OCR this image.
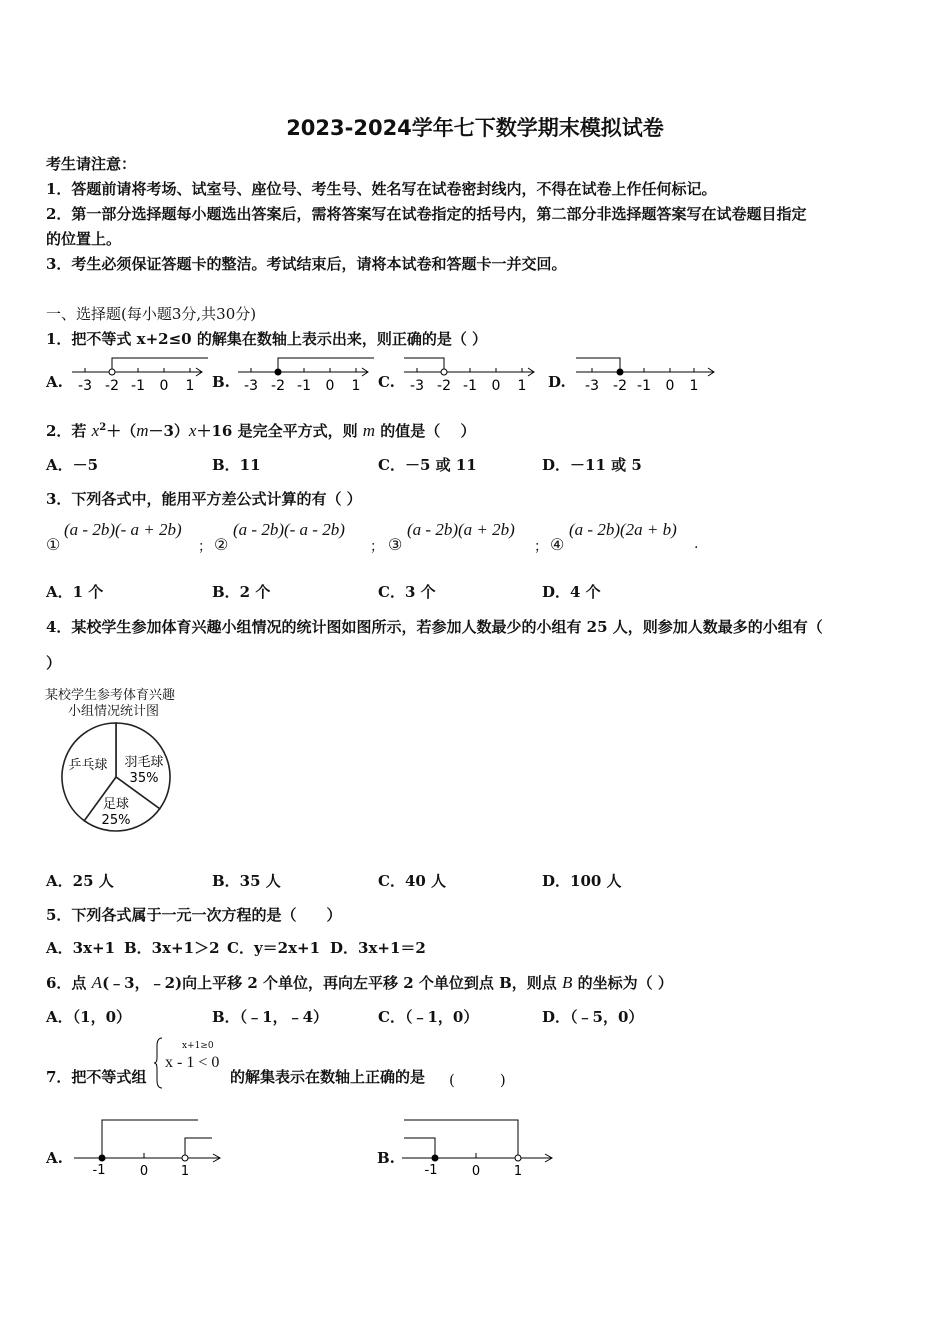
2023-2024学年七下数学期末模拟试卷
考生请注意：
1．答题前请将考场、试室号、座位号、考生号、姓名写在试卷密封线内，不得在试卷上作任何标记。
2．第一部分选择题每小题选出答案后，需将答案写在试卷指定的括号内，第二部分非选择题答案写在试卷题目指定
的位置上。
3．考生必须保证答题卡的整洁。考试结束后，请将本试卷和答题卡一并交回。
一、选择题(每小题3分,共30分)
1．把不等式 x+2≤0 的解集在数轴上表示出来，则正确的是（ ）
A. -3 -2 -1 0 1 B. -3 -2 -1 0 1 C. -3 -2 -1 0 1 D. -3 -2 -1 0 1
2．若 $x^2+(m-3)x+16$ 是完全平方式，则 m 的值是（　 ）
A．－5	B．11	C．－5 或 11	D．－11 或 5
3．下列各式中，能用平方差公式计算的有（ ）
①
(a - 2b)(- a + 2b)
； ②
(a - 2b)(- a - 2b)
； ③
(a - 2b)(a + 2b)
； ④
(a - 2b)(2a + b)
.
A．1 个	B．2 个	C．3 个	D．4 个
4．某校学生参加体育兴趣小组情况的统计图如图所示，若参加人数最少的小组有 25 人，则参加人数最多的小组有（
）
某校学生参考体育兴趣
小组情况统计图
羽毛球
35%
足球
25%
乒乓球
A．25 人	B．35 人	C．40 人	D．100 人
5．下列各式属于一元一次方程的是（　　）
A．3x+1 B．3x+1＞2 C．y＝2x+1 D．3x+1＝2
6．点 A(﹣3，﹣2)向上平移 2 个单位，再向左平移 2 个单位到点 B，则点 B 的坐标为（ ）
A．（1，0）	B．（﹣1，﹣4）	C．（﹣1，0）	D．（﹣5，0）
7．把不等式组
x+1≥0
x - 1 < 0
的解集表示在数轴上正确的是 (　　　)
A.
-1	0	1
B.
-1	0	1
